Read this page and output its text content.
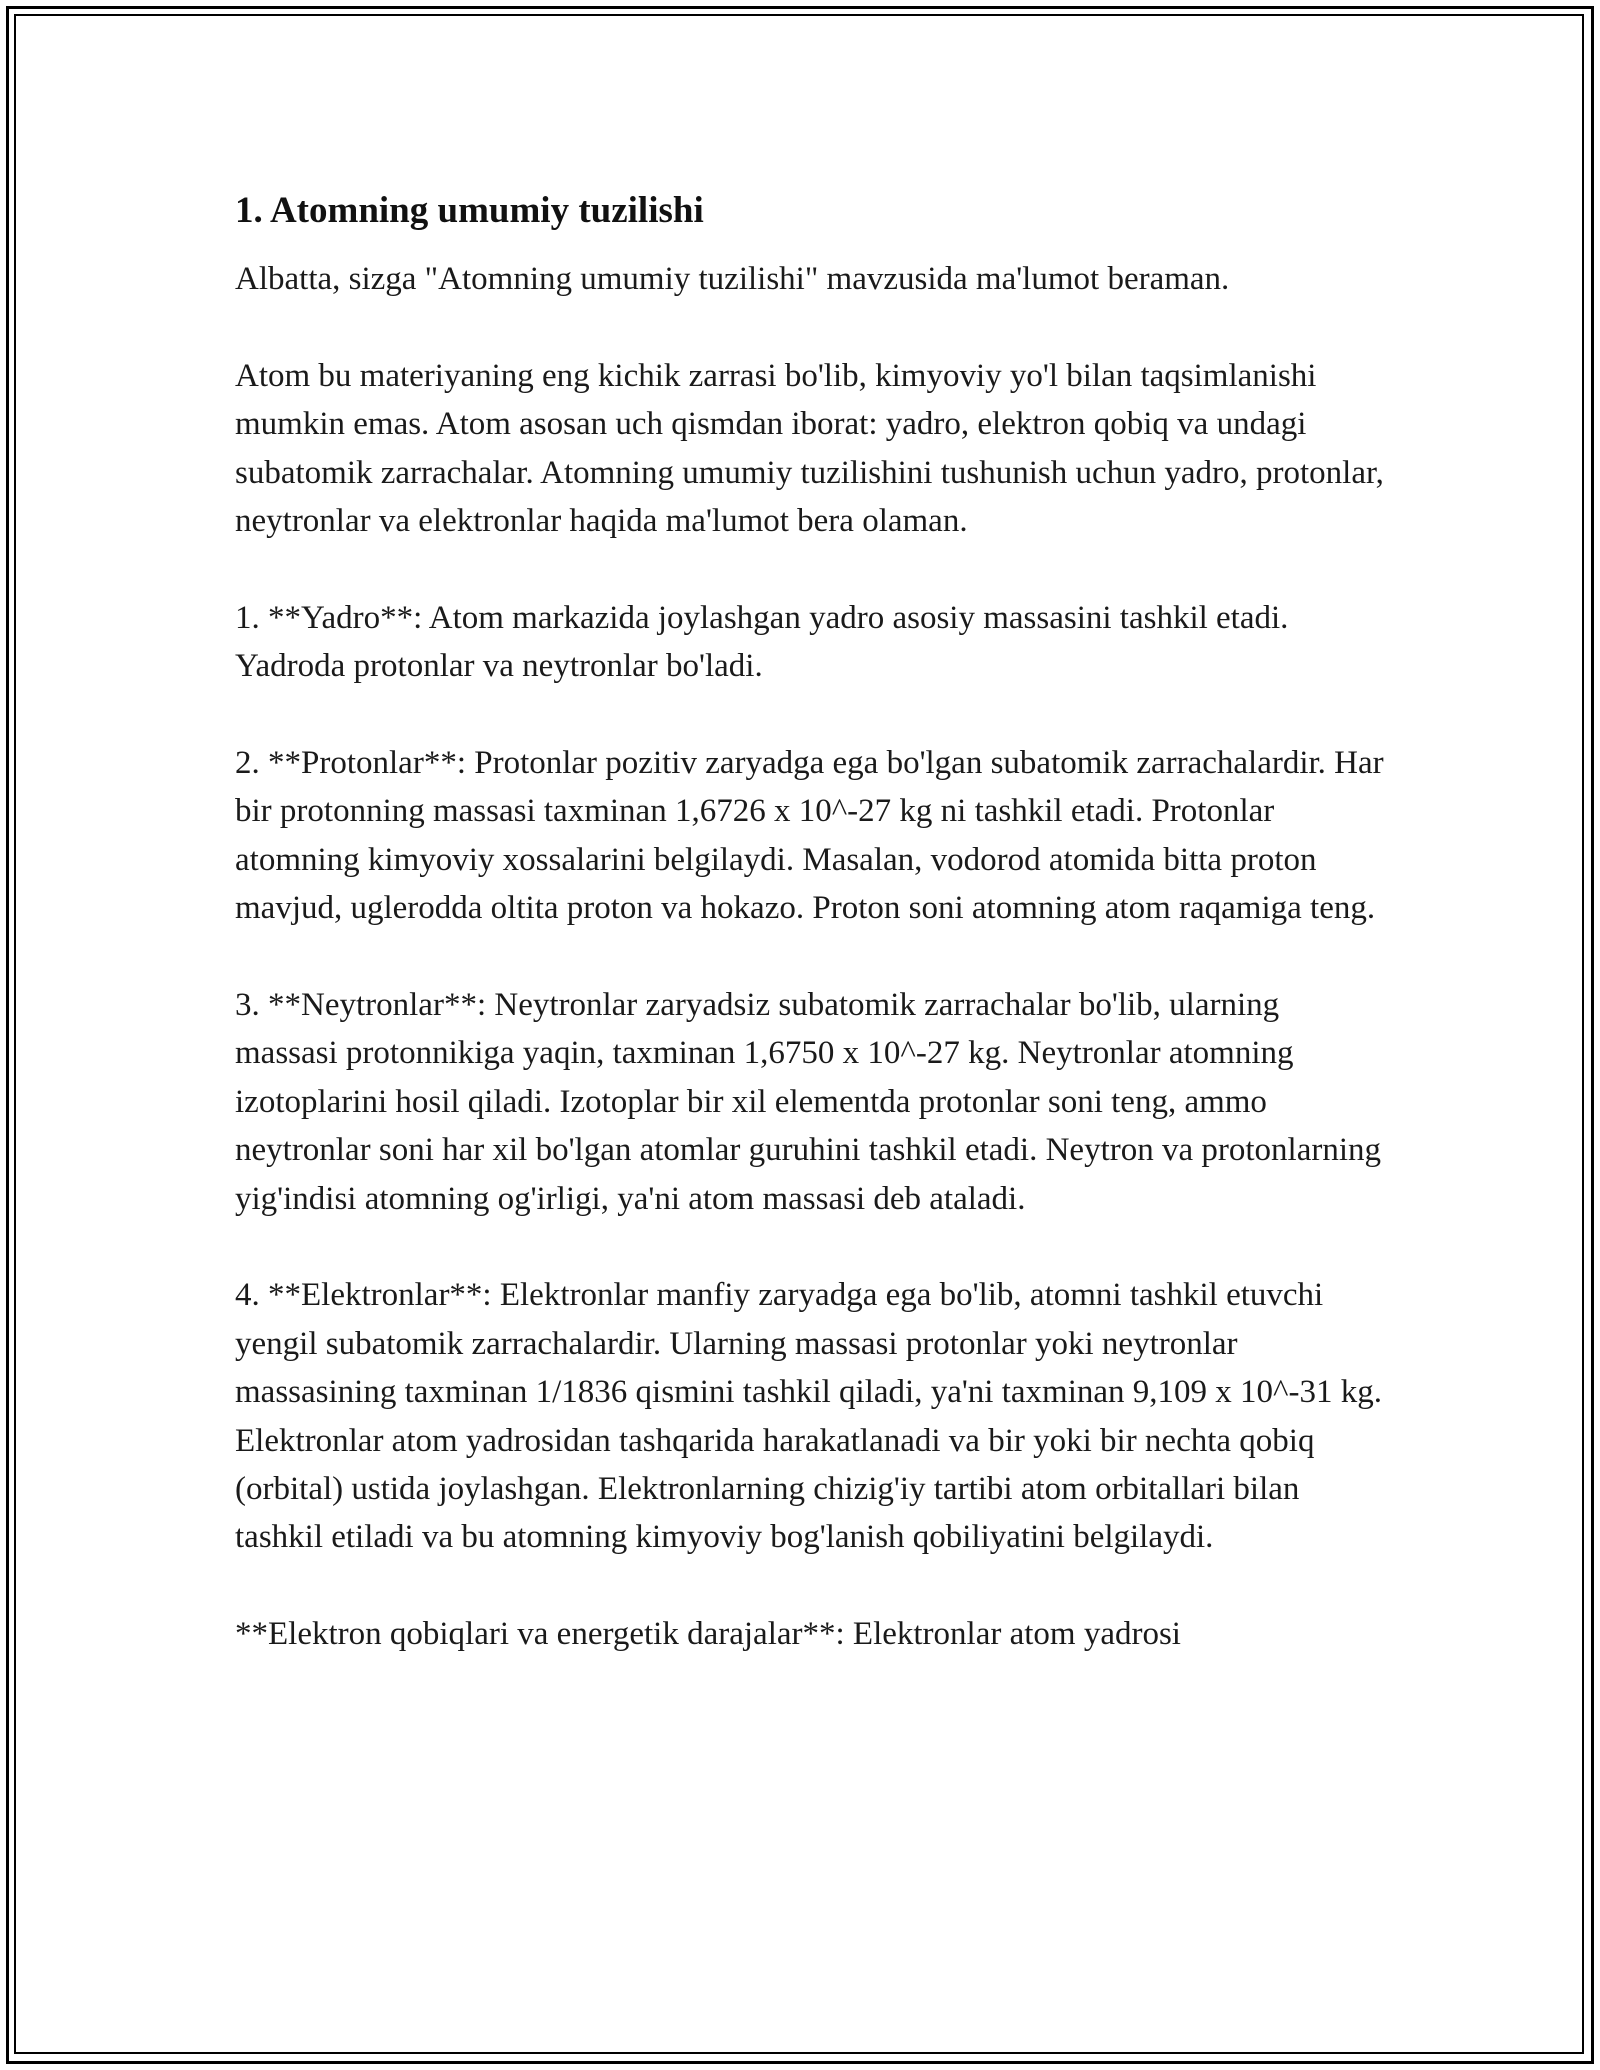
1. Atomning umumiy tuzilishi

Albatta, sizga "Atomning umumiy tuzilishi" mavzusida ma'lumot beraman.

Atom bu materiyaning eng kichik zarrasi bo'lib, kimyoviy yo'l bilan taqsimlanishi mumkin emas. Atom asosan uch qismdan iborat: yadro, elektron qobiq va undagi subatomik zarrachalar. Atomning umumiy tuzilishini tushunish uchun yadro, protonlar, neytronlar va elektronlar haqida ma'lumot bera olaman.

1. **Yadro**: Atom markazida joylashgan yadro asosiy massasini tashkil etadi. Yadroda protonlar va neytronlar bo'ladi.

2. **Protonlar**: Protonlar pozitiv zaryadga ega bo'lgan subatomik zarrachalardir. Har bir protonning massasi taxminan 1,6726 x 10^-27 kg ni tashkil etadi. Protonlar atomning kimyoviy xossalarini belgilaydi. Masalan, vodorod atomida bitta proton mavjud, uglerodda oltita proton va hokazo. Proton soni atomning atom raqamiga teng.

3. **Neytronlar**: Neytronlar zaryadsiz subatomik zarrachalar bo'lib, ularning massasi protonnikiga yaqin, taxminan 1,6750 x 10^-27 kg. Neytronlar atomning izotoplarini hosil qiladi. Izotoplar bir xil elementda protonlar soni teng, ammo neytronlar soni har xil bo'lgan atomlar guruhini tashkil etadi. Neytron va protonlarning yig'indisi atomning og'irligi, ya'ni atom massasi deb ataladi.

4. **Elektronlar**: Elektronlar manfiy zaryadga ega bo'lib, atomni tashkil etuvchi yengil subatomik zarrachalardir. Ularning massasi protonlar yoki neytronlar massasining taxminan 1/1836 qismini tashkil qiladi, ya'ni taxminan 9,109 x 10^-31 kg. Elektronlar atom yadrosidan tashqarida harakatlanadi va bir yoki bir nechta qobiq (orbital) ustida joylashgan. Elektronlarning chizig'iy tartibi atom orbitallari bilan tashkil etiladi va bu atomning kimyoviy bog'lanish qobiliyatini belgilaydi.

**Elektron qobiqlari va energetik darajalar**: Elektronlar atom yadrosi
